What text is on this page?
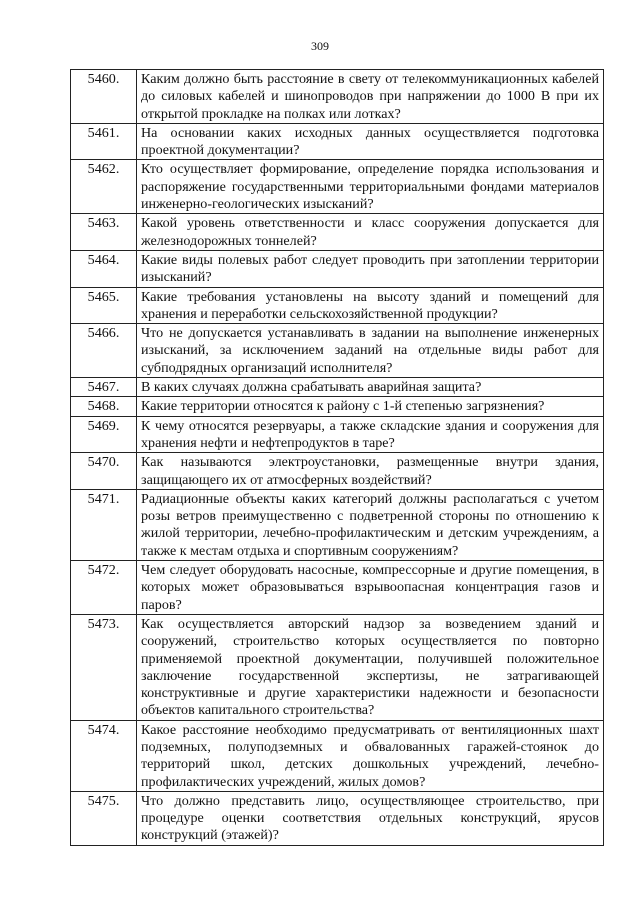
309
5460.	Каким должно быть расстояние в свету от телекоммуникационных кабелей до силовых кабелей и шинопроводов при напряжении до 1000 В при их открытой прокладке на полках или лотках?
5461.	На основании каких исходных данных осуществляется подготовка проектной документации?
5462.	Кто осуществляет формирование, определение порядка использования и распоряжение государственными территориальными фондами материалов инженерно-геологических изысканий?
5463.	Какой уровень ответственности и класс сооружения допускается для железнодорожных тоннелей?
5464.	Какие виды полевых работ следует проводить при затоплении территории изысканий?
5465.	Какие требования установлены на высоту зданий и помещений для хранения и переработки сельскохозяйственной продукции?
5466.	Что не допускается устанавливать в задании на выполнение инженерных изысканий, за исключением заданий на отдельные виды работ для субподрядных организаций исполнителя?
5467.	В каких случаях должна срабатывать аварийная защита?
5468.	Какие территории относятся к району с 1-й степенью загрязнения?
5469.	К чему относятся резервуары, а также складские здания и сооружения для хранения нефти и нефтепродуктов в таре?
5470.	Как называются электроустановки, размещенные внутри здания, защищающего их от атмосферных воздействий?
5471.	Радиационные объекты каких категорий должны располагаться с учетом розы ветров преимущественно с подветренной стороны по отношению к жилой территории, лечебно-профилактическим и детским учреждениям, а также к местам отдыха и спортивным сооружениям?
5472.	Чем следует оборудовать насосные, компрессорные и другие помещения, в которых может образовываться взрывоопасная концентрация газов и паров?
5473.	Как осуществляется авторский надзор за возведением зданий и сооружений, строительство которых осуществляется по повторно применяемой проектной документации, получившей положительное заключение государственной экспертизы, не затрагивающей конструктивные и другие характеристики надежности и безопасности объектов капитального строительства?
5474.	Какое расстояние необходимо предусматривать от вентиляционных шахт подземных, полуподземных и обвалованных гаражей-стоянок до территорий школ, детских дошкольных учреждений, лечебно-профилактических учреждений, жилых домов?
5475.	Что должно представить лицо, осуществляющее строительство, при процедуре оценки соответствия отдельных конструкций, ярусов конструкций (этажей)?
